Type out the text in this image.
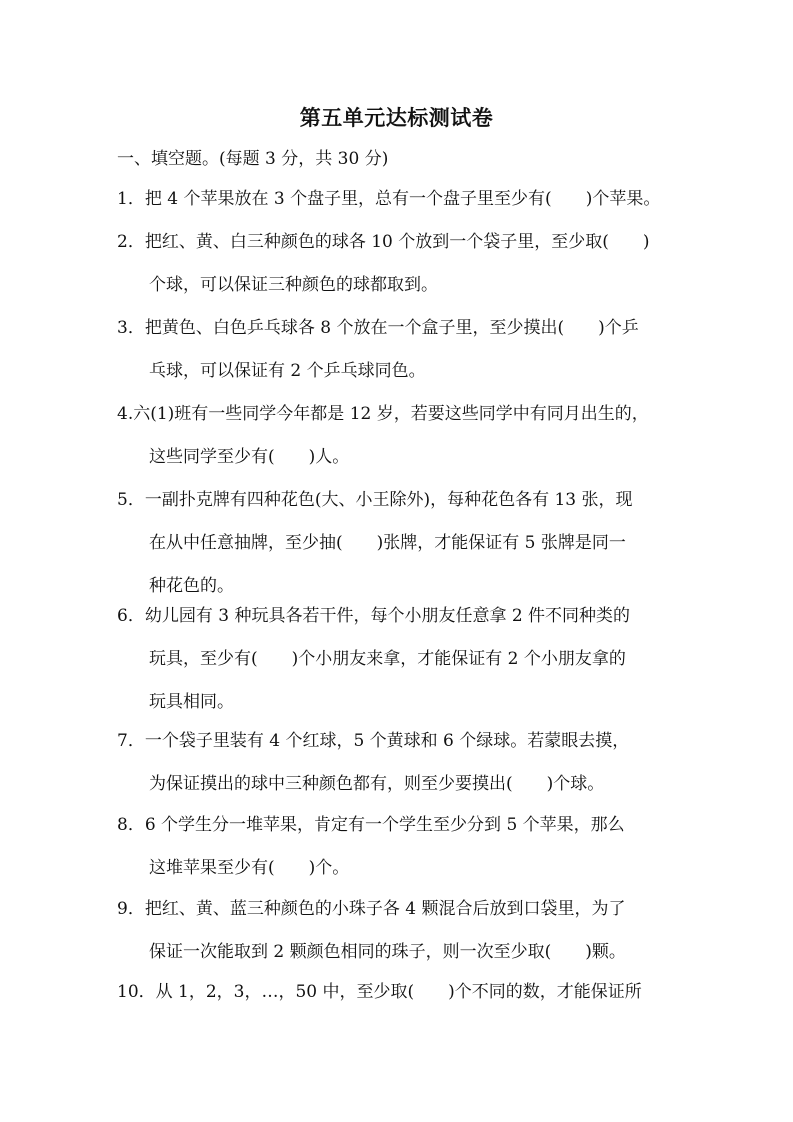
第五单元达标测试卷
一、填空题。(每题 3 分，共 30 分)
1．把 4 个苹果放在 3 个盘子里，总有一个盘子里至少有(　　)个苹果。
2．把红、黄、白三种颜色的球各 10 个放到一个袋子里，至少取(　　)
个球，可以保证三种颜色的球都取到。
3．把黄色、白色乒乓球各 8 个放在一个盒子里，至少摸出(　　)个乒
乓球，可以保证有 2 个乒乓球同色。
4.六(1)班有一些同学今年都是 12 岁，若要这些同学中有同月出生的，
这些同学至少有(　　)人。
5．一副扑克牌有四种花色(大、小王除外)，每种花色各有 13 张，现
在从中任意抽牌，至少抽(　　)张牌，才能保证有 5 张牌是同一
种花色的。
6．幼儿园有 3 种玩具各若干件，每个小朋友任意拿 2 件不同种类的
玩具，至少有(　　)个小朋友来拿，才能保证有 2 个小朋友拿的
玩具相同。
7．一个袋子里装有 4 个红球，5 个黄球和 6 个绿球。若蒙眼去摸，
为保证摸出的球中三种颜色都有，则至少要摸出(　　)个球。
8．6 个学生分一堆苹果，肯定有一个学生至少分到 5 个苹果，那么
这堆苹果至少有(　　)个。
9．把红、黄、蓝三种颜色的小珠子各 4 颗混合后放到口袋里，为了
保证一次能取到 2 颗颜色相同的珠子，则一次至少取(　　)颗。
10．从 1，2，3，…，50 中，至少取(　　)个不同的数，才能保证所
